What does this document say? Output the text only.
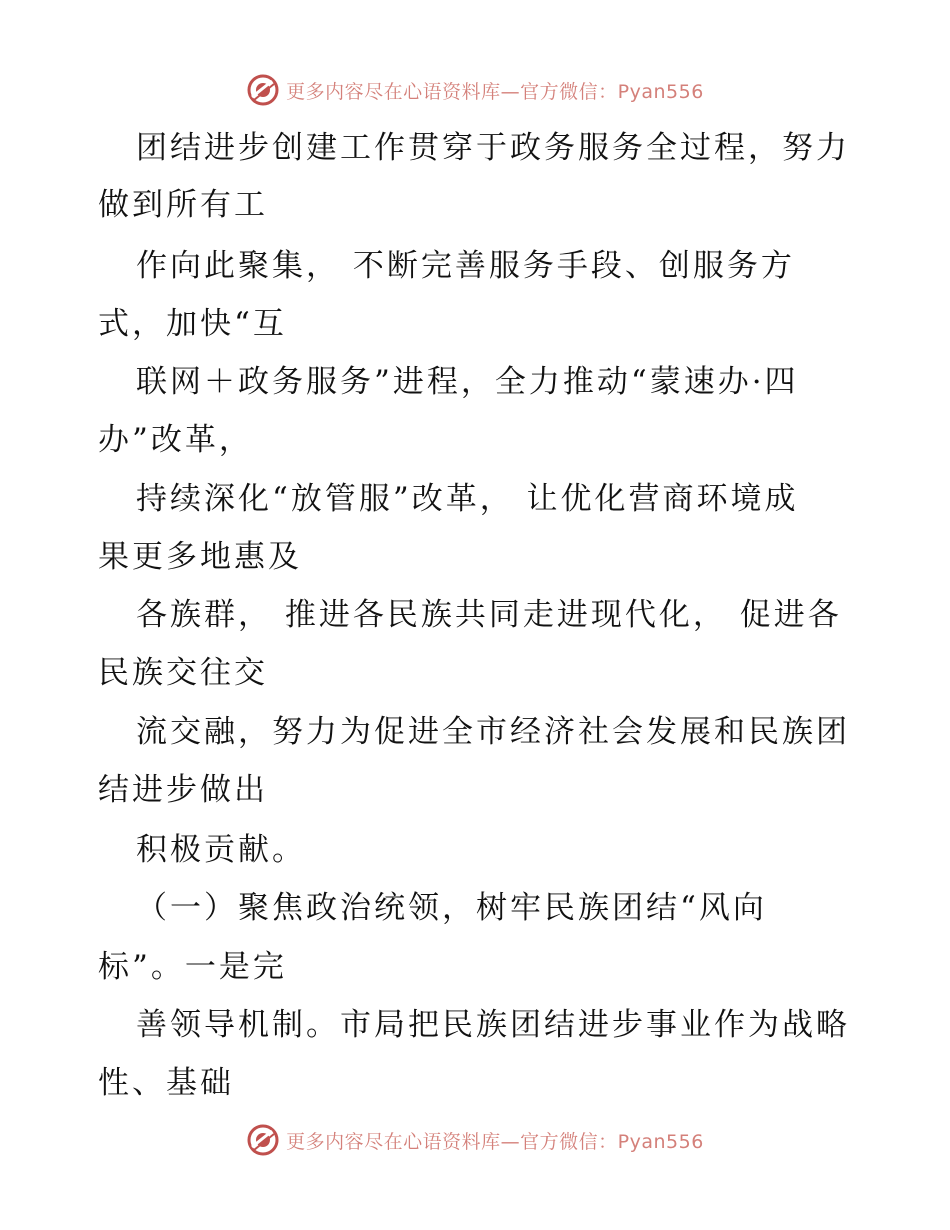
更多内容尽在心语资料库—官方微信：Pyan556
团结进步创建工作贯穿于政务服务全过程，努力
做到所有工
作向此聚集， 不断完善服务手段、创服务方
式，加快“互
联网＋政务服务”进程，全力推动“蒙速办·四
办”改革，
持续深化“放管服”改革， 让优化营商环境成
果更多地惠及
各族群， 推进各民族共同走进现代化， 促进各
民族交往交
流交融，努力为促进全市经济社会发展和民族团
结进步做出
积极贡献。
（一）聚焦政治统领，树牢民族团结“风向
标”。一是完
善领导机制。市局把民族团结进步事业作为战略
性、基础
更多内容尽在心语资料库—官方微信：Pyan556
